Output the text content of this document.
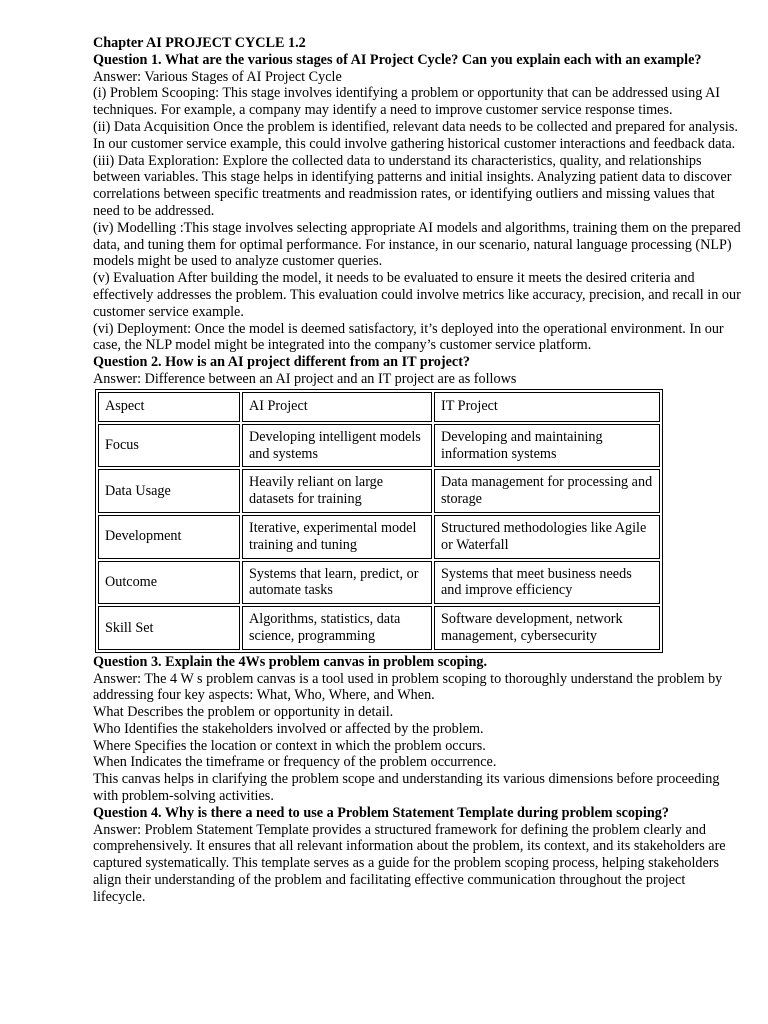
Chapter AI PROJECT CYCLE 1.2

Question 1. What are the various stages of AI Project Cycle? Can you explain each with an example?

Answer: Various Stages of AI Project Cycle

(i) Problem Scooping: This stage involves identifying a problem or opportunity that can be addressed using AI techniques. For example, a company may identify a need to improve customer service response times.

(ii) Data Acquisition Once the problem is identified, relevant data needs to be collected and prepared for analysis. In our customer service example, this could involve gathering historical customer interactions and feedback data.

(iii) Data Exploration: Explore the collected data to understand its characteristics, quality, and relationships between variables. This stage helps in identifying patterns and initial insights. Analyzing patient data to discover correlations between specific treatments and readmission rates, or identifying outliers and missing values that need to be addressed.

(iv) Modelling :This stage involves selecting appropriate AI models and algorithms, training them on the prepared data, and tuning them for optimal performance. For instance, in our scenario, natural language processing (NLP) models might be used to analyze customer queries.

(v) Evaluation After building the model, it needs to be evaluated to ensure it meets the desired criteria and effectively addresses the problem. This evaluation could involve metrics like accuracy, precision, and recall in our customer service example.

(vi) Deployment: Once the model is deemed satisfactory, it’s deployed into the operational environment. In our case, the NLP model might be integrated into the company’s customer service platform.

Question 2. How is an AI project different from an IT project?

Answer: Difference between an AI project and an IT project are as follows

Aspect	AI Project	IT Project
Focus	Developing intelligent models and systems	Developing and maintaining information systems
Data Usage	Heavily reliant on large datasets for training	Data management for processing and storage
Development	Iterative, experimental model training and tuning	Structured methodologies like Agile or Waterfall
Outcome	Systems that learn, predict, or automate tasks	Systems that meet business needs and improve efficiency
Skill Set	Algorithms, statistics, data science, programming	Software development, network management, cybersecurity

Question 3. Explain the 4Ws problem canvas in problem scoping.

Answer: The 4 W s problem canvas is a tool used in problem scoping to thoroughly understand the problem by addressing four key aspects: What, Who, Where, and When.

What Describes the problem or opportunity in detail.

Who Identifies the stakeholders involved or affected by the problem.

Where Specifies the location or context in which the problem occurs.

When Indicates the timeframe or frequency of the problem occurrence.

This canvas helps in clarifying the problem scope and understanding its various dimensions before proceeding with problem-solving activities.

Question 4. Why is there a need to use a Problem Statement Template during problem scoping?

Answer: Problem Statement Template provides a structured framework for defining the problem clearly and comprehensively. It ensures that all relevant information about the problem, its context, and its stakeholders are captured systematically. This template serves as a guide for the problem scoping process, helping stakeholders align their understanding of the problem and facilitating effective communication throughout the project lifecycle.
